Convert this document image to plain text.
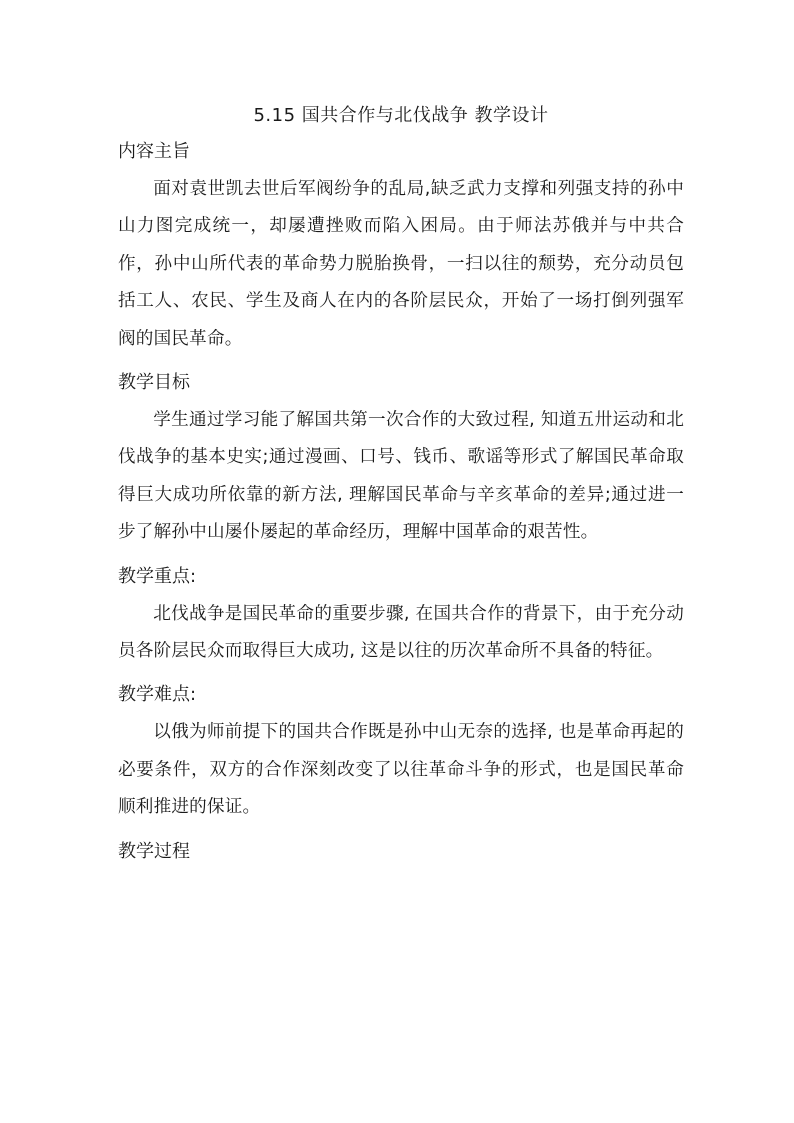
5.15 国共合作与北伐战争 教学设计
内容主旨

面对袁世凯去世后军阀纷争的乱局,缺乏武力支撑和列强支持的孙中山力图完成统一，却屡遭挫败而陷入困局。由于师法苏俄并与中共合作，孙中山所代表的革命势力脱胎换骨，一扫以往的颓势，充分动员包括工人、农民、学生及商人在内的各阶层民众，开始了一场打倒列强军阀的国民革命。

教学目标

学生通过学习能了解国共第一次合作的大致过程, 知道五卅运动和北伐战争的基本史实;通过漫画、口号、钱币、歌谣等形式了解国民革命取得巨大成功所依靠的新方法, 理解国民革命与辛亥革命的差异;通过进一步了解孙中山屡仆屡起的革命经历，理解中国革命的艰苦性。

教学重点:

北伐战争是国民革命的重要步骤, 在国共合作的背景下，由于充分动员各阶层民众而取得巨大成功, 这是以往的历次革命所不具备的特征。

教学难点:

以俄为师前提下的国共合作既是孙中山无奈的选择, 也是革命再起的必要条件，双方的合作深刻改变了以往革命斗争的形式，也是国民革命顺利推进的保证。

教学过程
